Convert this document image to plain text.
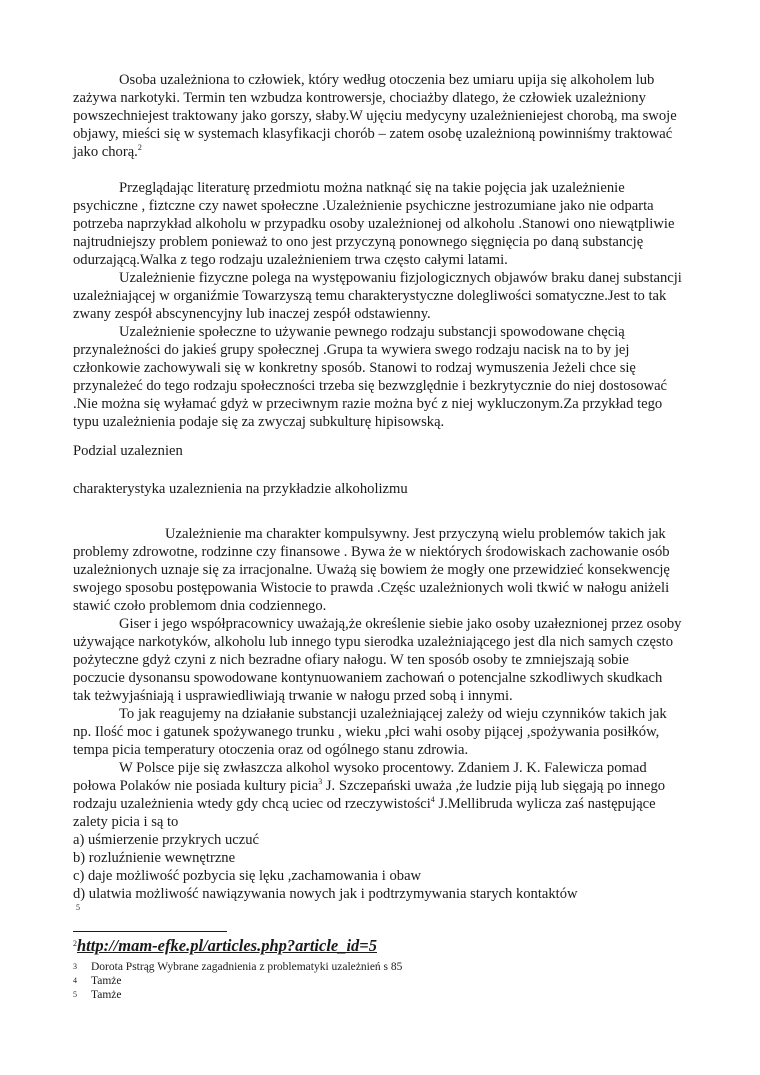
Osoba uzależniona to człowiek, który według otoczenia bez umiaru upija się alkoholem lub zażywa narkotyki. Termin ten wzbudza kontrowersje, chociażby dlatego, że człowiek uzależniony powszechniejest traktowany jako gorszy, słaby.W ujęciu medycyny uzależnieniejest chorobą, ma swoje objawy, mieści się w systemach klasyfikacji chorób – zatem osobę uzależnioną powinniśmy traktować jako chorą.$^2$

Przeglądając literaturę przedmiotu można natknąć się na takie pojęcia jak uzależnienie psychiczne , fiztczne czy nawet społeczne .Uzależnienie psychiczne jestrozumiane jako nie odparta potrzeba naprzykład alkoholu w przypadku osoby uzależnionej od alkoholu .Stanowi ono niewątpliwie najtrudniejszy problem ponieważ to ono jest przyczyną ponownego sięgnięcia po daną substancję odurzającą.Walka z tego rodzaju uzależnieniem trwa często całymi latami.

Uzależnienie fizyczne polega na występowaniu fizjologicznych objawów braku danej substancji uzależniającej w organiźmie Towarzyszą temu charakterystyczne dolegliwości somatyczne.Jest to tak zwany zespół abscynencyjny lub inaczej zespół odstawienny.

Uzależnienie społeczne to używanie pewnego rodzaju substancji spowodowane chęcią przynależności do jakieś grupy społecznej .Grupa ta wywiera swego rodzaju nacisk na to by jej członkowie zachowywali się w konkretny sposób. Stanowi to rodzaj wymuszenia Jeżeli chce się przynależeć do tego rodzaju społeczności trzeba się bezwzględnie i bezkrytycznie do niej dostosować .Nie można się wyłamać gdyż w przeciwnym razie można być z niej wykluczonym.Za przykład tego typu uzależnienia podaje się za zwyczaj subkulturę hipisowską.

Podzial uzaleznien
charakterystyka uzaleznienia na przykładzie alkoholizmu

Uzależnienie ma charakter kompulsywny. Jest przyczyną wielu problemów takich jak problemy zdrowotne, rodzinne czy finansowe . Bywa że w niektórych środowiskach zachowanie osób uzależnionych uznaje się za irracjonalne. Uważą się bowiem że mogły one przewidzieć konsekwencję swojego sposobu postępowania Wistocie to prawda .Częśc uzależnionych woli tkwić w nałogu aniżeli stawić czoło problemom dnia codziennego.

Giser i jego współpracownicy uważają,że określenie siebie jako osoby uzałeznionej przez osoby używające narkotyków, alkoholu lub innego typu sierodka uzależniającego jest dla nich samych często pożyteczne gdyż czyni z nich bezradne ofiary nałogu. W ten sposób osoby te zmniejszają sobie poczucie dysonansu spowodowane kontynuowaniem zachowań o potencjalne szkodliwych skudkach tak teżwyjaśniają i usprawiedliwiają trwanie w nałogu przed sobą i innymi.

To jak reagujemy na działanie substancji uzależniającej zależy od wieju czynników takich jak np. Ilość moc i gatunek spożywanego trunku , wieku ,płci wahi osoby pijącej ,spożywania posiłków, tempa picia temperatury otoczenia oraz od ogólnego stanu zdrowia.

W Polsce pije się zwłaszcza alkohol wysoko procentowy. Zdaniem J. K. Falewicza pomad połowa Polaków nie posiada kultury picia$^3$ J. Szczepański uważa ,że ludzie piją lub sięgają po innego rodzaju uzależnienia wtedy gdy chcą uciec od rzeczywistości$^4$ J.Mellibruda wylicza zaś następujące zalety picia i są to

a) uśmierzenie przykrych uczuć

b) rozluźnienie wewnętrzne

c) daje możliwość pozbycia się lęku ,zachamowania i obaw

d) ulatwia możliwość nawiązywania nowych jak i podtrzymywania starych kontaktów

5

$^2$http://mam-efke.pl/articles.php?article_id=5
3 Dorota Pstrąg Wybrane zagadnienia z problematyki uzależnień s 85
4 Tamże
5 Tamże
